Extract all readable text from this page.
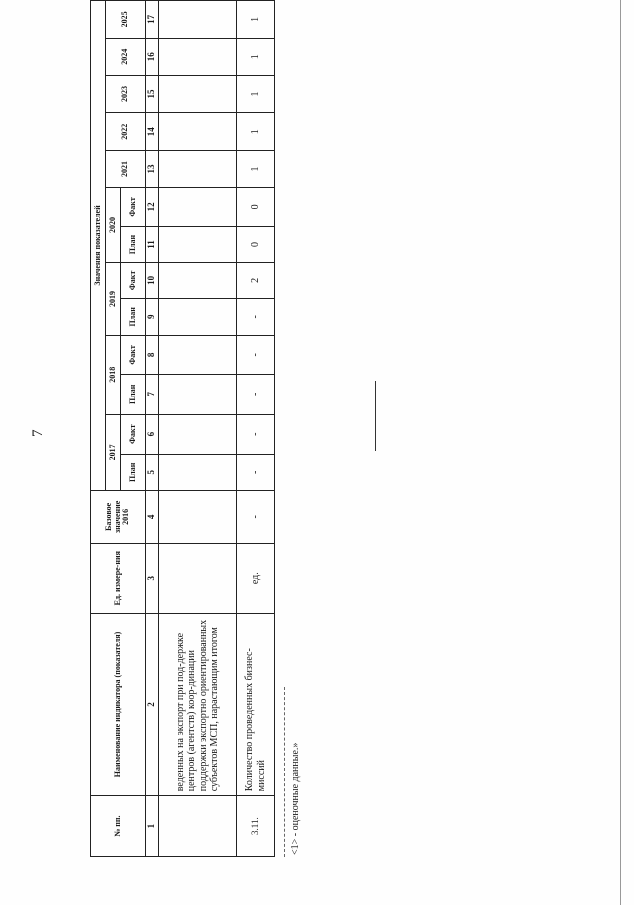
7
№ пп.	Наименование индикатора (показателя)	Ед. измере-ния	Базовое значение 2016	Значения показателей												
				2017		2018		2019		2020		2021	2022	2023	2024	2025
				План	Факт	План	Факт	План	Факт	План	Факт					
1	2	3	4	5	6	7	8	9	10	11	12	13	14	15	16	17
	веденных на экспорт при под-держке центров (агентств) коор-динации поддержки экспортно ориентированных субъектов МСП, нарастающим итогом															
3.11.	Количество проведенных бизнес-миссий	ед.	-	-	-	-	-	-	2	0	0	1	1	1	1	1
<1> - оценочные данные.»
